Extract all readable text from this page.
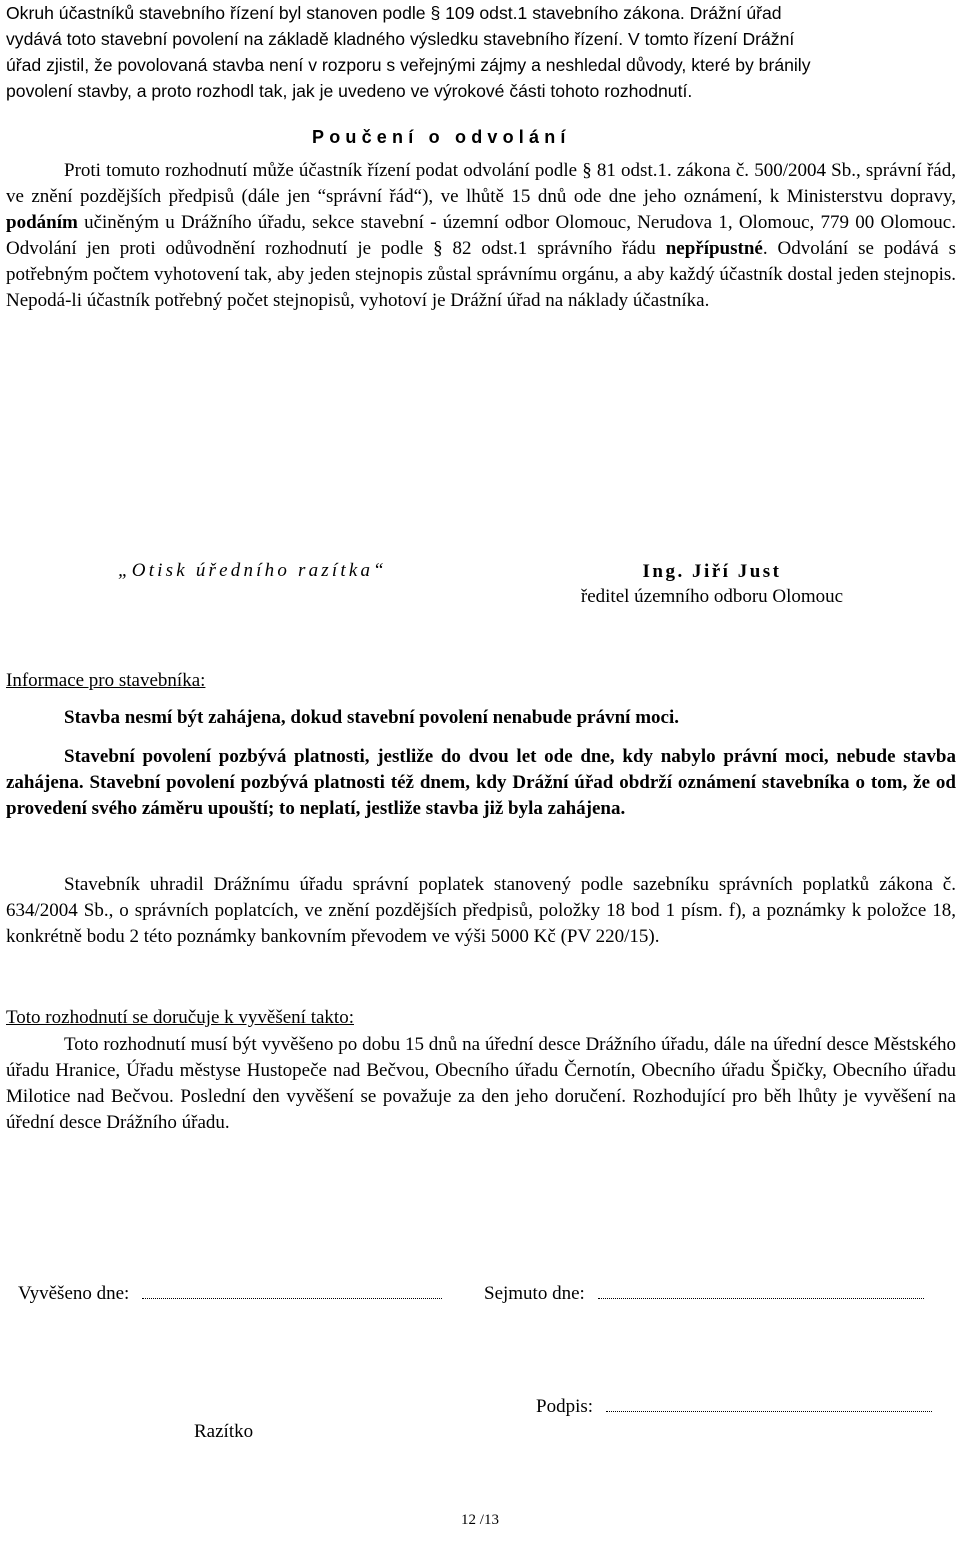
Okruh účastníků stavebního řízení byl stanoven podle § 109 odst.1 stavebního zákona. Drážní úřad
vydává toto stavební povolení na základě kladného výsledku stavebního řízení. V tomto řízení Drážní
úřad zjistil, že povolovaná stavba není v rozporu s veřejnými zájmy a neshledal důvody, které by bránily
povolení stavby, a proto rozhodl tak, jak je uvedeno ve výrokové části tohoto rozhodnutí.
Poučení o odvolání
Proti tomuto rozhodnutí může účastník řízení podat odvolání podle § 81 odst.1. zákona č. 500/2004 Sb., správní řád, ve znění pozdějších předpisů (dále jen “správní řád“), ve lhůtě 15 dnů ode dne jeho oznámení, k Ministerstvu dopravy, podáním učiněným u Drážního úřadu, sekce stavební - územní odbor Olomouc, Nerudova 1, Olomouc, 779 00 Olomouc. Odvolání jen proti odůvodnění rozhodnutí je podle § 82 odst.1 správního řádu nepřípustné. Odvolání se podává s potřebným počtem vyhotovení tak, aby jeden stejnopis zůstal správnímu orgánu, a aby každý účastník dostal jeden stejnopis. Nepodá-li účastník potřebný počet stejnopisů, vyhotoví je Drážní úřad na náklady účastníka.
„Otisk úředního razítka“	Ing. Jiří Just
ředitel územního odboru Olomouc
Informace pro stavebníka:
Stavba nesmí být zahájena, dokud stavební povolení nenabude právní moci.
Stavební povolení pozbývá platnosti, jestliže do dvou let ode dne, kdy nabylo právní moci, nebude stavba zahájena. Stavební povolení pozbývá platnosti též dnem, kdy Drážní úřad obdrží oznámení stavebníka o tom, že od provedení svého záměru upouští; to neplatí, jestliže stavba již byla zahájena.
Stavebník uhradil Drážnímu úřadu správní poplatek stanovený podle sazebníku správních poplatků zákona č. 634/2004 Sb., o správních poplatcích, ve znění pozdějších předpisů, položky 18 bod 1 písm. f), a poznámky k položce 18, konkrétně bodu 2 této poznámky bankovním převodem ve výši 5000 Kč (PV 220/15).
Toto rozhodnutí se doručuje k vyvěšení takto:
Toto rozhodnutí musí být vyvěšeno po dobu 15 dnů na úřední desce Drážního úřadu, dále na úřední desce Městského úřadu Hranice, Úřadu městyse Hustopeče nad Bečvou, Obecního úřadu Černotín, Obecního úřadu Špičky, Obecního úřadu Milotice nad Bečvou. Poslední den vyvěšení se považuje za den jeho doručení. Rozhodující pro běh lhůty je vyvěšení na úřední desce Drážního úřadu.
Vyvěšeno dne:	Sejmuto dne:
Podpis:
Razítko
12 /13
